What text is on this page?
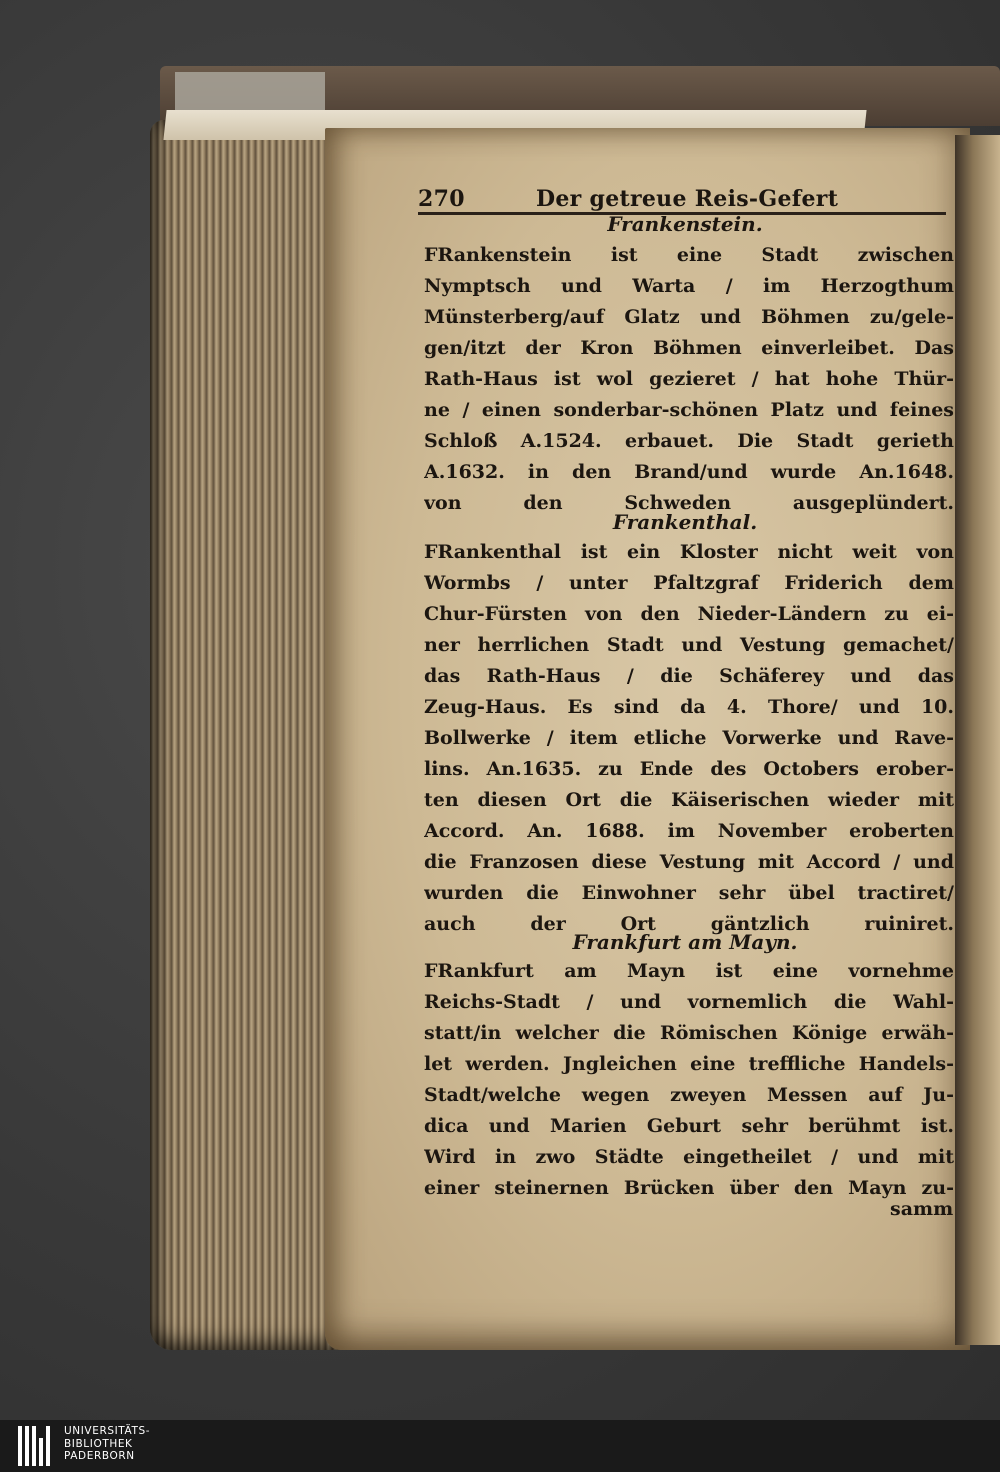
270	Der getreue Reis-Gefert
Frankenstein.
FRankenstein ist eine Stadt zwischen
Nymptsch und Warta / im Herzogthum
Münsterberg/auf Glatz und Böhmen zu/gele-
gen/itzt der Kron Böhmen einverleibet. Das
Rath-Haus ist wol gezieret / hat hohe Thür-
ne / einen sonderbar-schönen Platz und feines
Schloß A.1524. erbauet. Die Stadt gerieth
A.1632. in den Brand/und wurde An.1648.
von den Schweden ausgeplündert.
Frankenthal.
FRankenthal ist ein Kloster nicht weit von
Wormbs / unter Pfaltzgraf Friderich dem
Chur-Fürsten von den Nieder-Ländern zu ei-
ner herrlichen Stadt und Vestung gemachet/
das Rath-Haus / die Schäferey und das
Zeug-Haus. Es sind da 4. Thore/ und 10.
Bollwerke / item etliche Vorwerke und Rave-
lins. An.1635. zu Ende des Octobers erober-
ten diesen Ort die Käiserischen wieder mit
Accord. An. 1688. im November eroberten
die Franzosen diese Vestung mit Accord / und
wurden die Einwohner sehr übel tractiret/
auch der Ort gäntzlich ruiniret.
Frankfurt am Mayn.
FRankfurt am Mayn ist eine vornehme
Reichs-Stadt / und vornemlich die Wahl-
statt/in welcher die Römischen Könige erwäh-
let werden. Jngleichen eine treffliche Handels-
Stadt/welche wegen zweyen Messen auf Ju-
dica und Marien Geburt sehr berühmt ist.
Wird in zwo Städte eingetheilet / und mit
einer steinernen Brücken über den Mayn zu-
samm
UNIVERSITÄTS-
BIBLIOTHEK
PADERBORN
